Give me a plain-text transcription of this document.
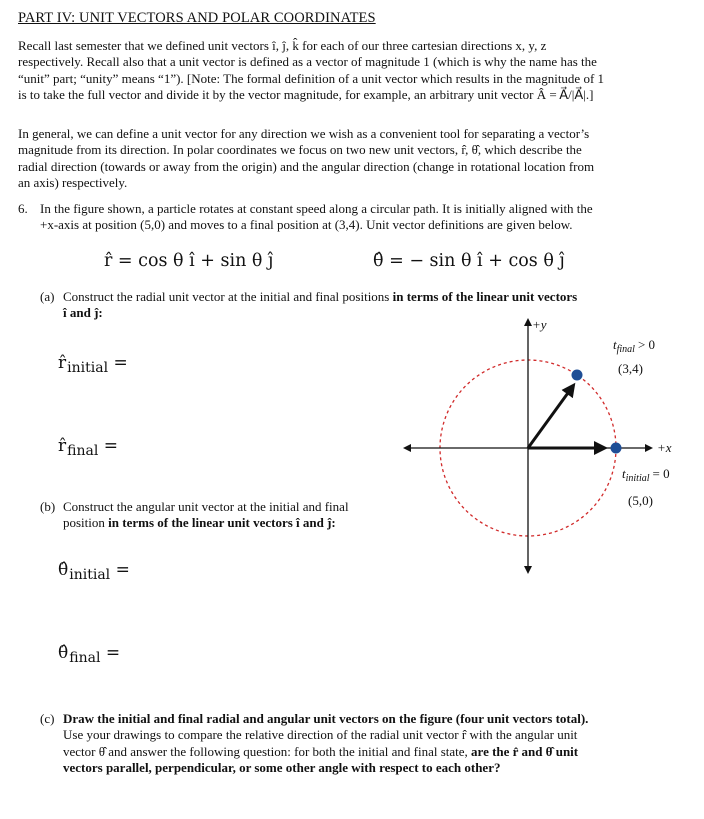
PART IV: UNIT VECTORS AND POLAR COORDINATES
Recall last semester that we defined unit vectors î, ĵ, k̂ for each of our three cartesian directions x, y, z
respectively. Recall also that a unit vector is defined as a vector of magnitude 1 (which is why the name has the
“unit” part; “unity” means “1”). [Note: The formal definition of a unit vector which results in the magnitude of 1
is to take the full vector and divide it by the vector magnitude, for example, an arbitrary unit vector Â = A⃗/|A⃗|.]
In general, we can define a unit vector for any direction we wish as a convenient tool for separating a vector’s
magnitude from its direction. In polar coordinates we focus on two new unit vectors, r̂, θ̂, which describe the
radial direction (towards or away from the origin) and the angular direction (change in rotational location from
an axis) respectively.
6. In the figure shown, a particle rotates at constant speed along a circular path. It is initially aligned with the
+x-axis at position (5,0) and moves to a final position at (3,4). Unit vector definitions are given below.
r̂ = cos θ î + sin θ ĵ	θ̂ = − sin θ î + cos θ ĵ
(a) Construct the radial unit vector at the initial and final positions in terms of the linear unit vectors
î and ĵ:
$r̂_{initial}$ =
$r̂_{final}$ =
(b) Construct the angular unit vector at the initial and final
position in terms of the linear unit vectors î and ĵ:
$\thetâ_{initial}$ =
$\thetâ_{final}$ =
(c) Draw the initial and final radial and angular unit vectors on the figure (four unit vectors total).
Use your drawings to compare the relative direction of the radial unit vector r̂ with the angular unit
vector θ̂ and answer the following question: for both the initial and final state, are the r̂ and θ̂ unit
vectors parallel, perpendicular, or some other angle with respect to each other?
+y
+x
$t_{final} > 0$
(3,4)
$t_{initial} = 0$
(5,0)
